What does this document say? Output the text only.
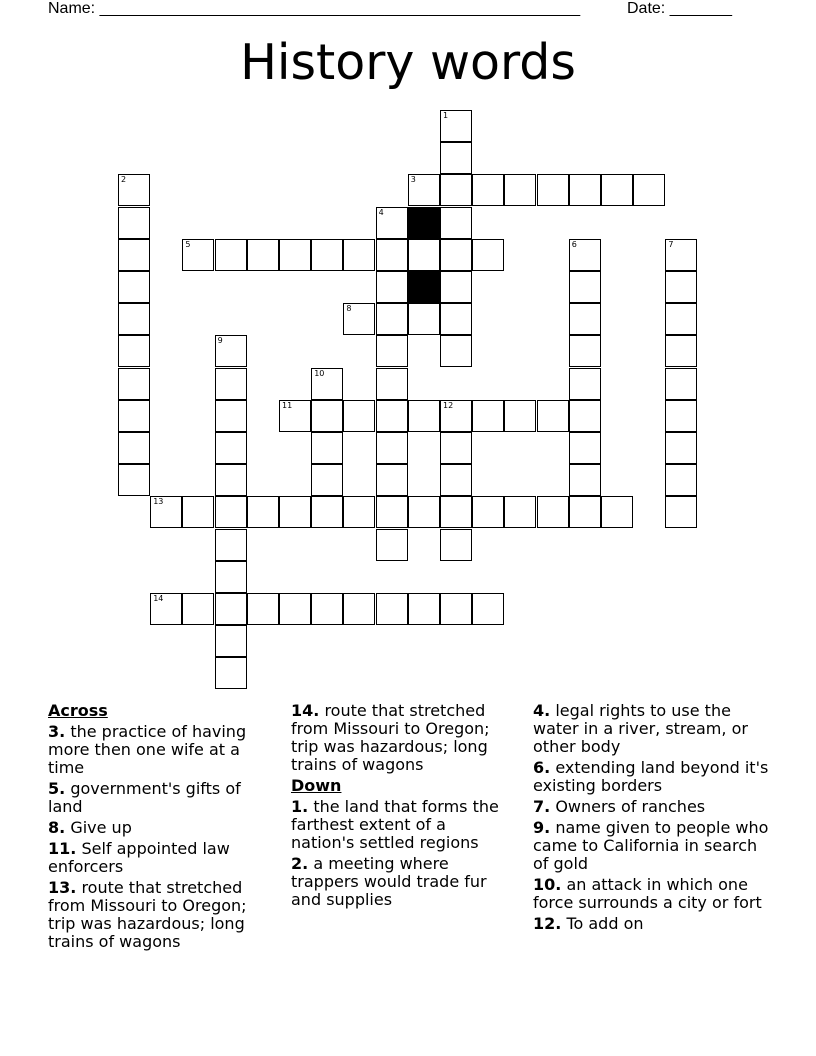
Name: ______________________________________________________	Date: _______
History words
1
2	3
4
5	6	7
8
9
10
11	12
13
14
Across
3. the practice of having more then one wife at a time
5. government's gifts of land
8. Give up
11. Self appointed law enforcers
13. route that stretched from Missouri to Oregon; trip was hazardous; long trains of wagons
14. route that stretched from Missouri to Oregon; trip was hazardous; long trains of wagons
Down
1. the land that forms the farthest extent of a nation's settled regions
2. a meeting where trappers would trade fur and supplies
4. legal rights to use the water in a river, stream, or other body
6. extending land beyond it's existing borders
7. Owners of ranches
9. name given to people who came to California in search of gold
10. an attack in which one force surrounds a city or fort
12. To add on
